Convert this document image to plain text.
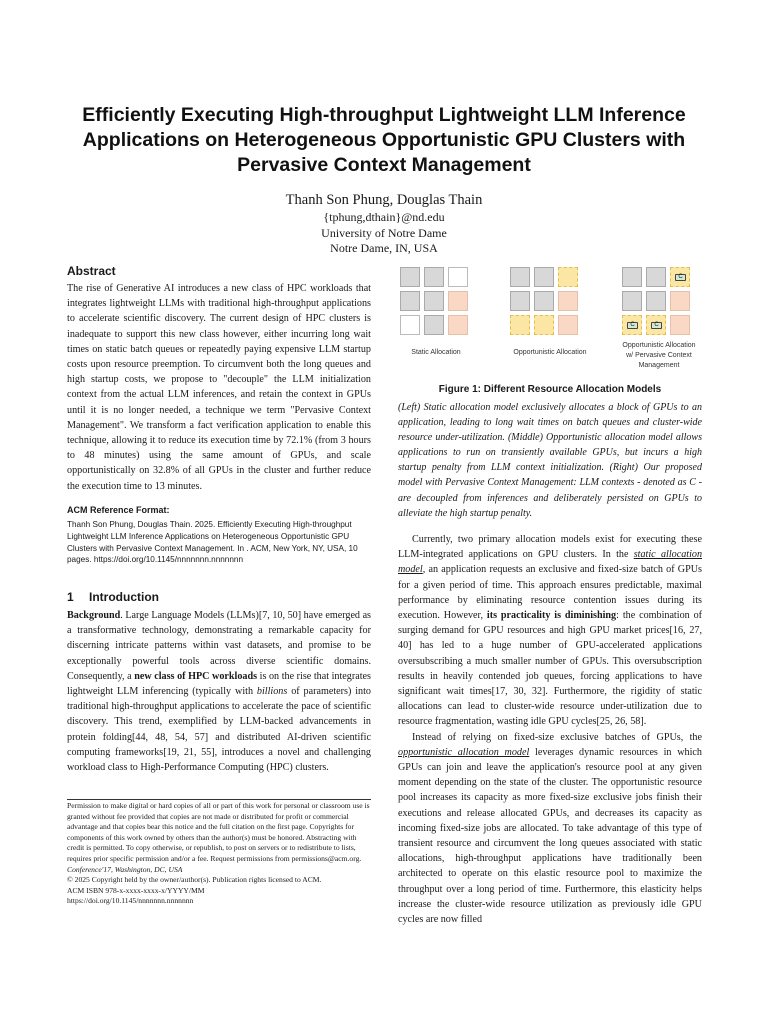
Efficiently Executing High-throughput Lightweight LLM Inference Applications on Heterogeneous Opportunistic GPU Clusters with Pervasive Context Management
Thanh Son Phung, Douglas Thain
{tphung,dthain}@nd.edu
University of Notre Dame
Notre Dame, IN, USA
Abstract

The rise of Generative AI introduces a new class of HPC workloads that integrates lightweight LLMs with traditional high-throughput applications to accelerate scientific discovery. The current design of HPC clusters is inadequate to support this new class however, either incurring long wait times on static batch queues or repeatedly paying expensive LLM startup costs upon resource preemption. To circumvent both the long queues and high startup costs, we propose to "decouple" the LLM initialization context from the actual LLM inferences, and retain the context in GPUs until it is no longer needed, a technique we term "Pervasive Context Management". We transform a fact verification application to enable this technique, allowing it to reduce its execution time by 72.1% (from 3 hours to 48 minutes) using the same amount of GPUs, and scale opportunistically on 32.8% of all GPUs in the cluster and further reduce the execution time to 13 minutes.

ACM Reference Format:

Thanh Son Phung, Douglas Thain. 2025. Efficiently Executing High-throughput Lightweight LLM Inference Applications on Heterogeneous Opportunistic GPU Clusters with Pervasive Context Management. In . ACM, New York, NY, USA, 10 pages. https://doi.org/10.1145/nnnnnnn.nnnnnnn

1 Introduction

Background. Large Language Models (LLMs)[7, 10, 50] have emerged as a transformative technology, demonstrating a remarkable capacity for discerning intricate patterns within vast datasets, and promise to be exceptionally powerful tools across diverse scientific domains. Consequently, a new class of HPC workloads is on the rise that integrates lightweight LLM inferencing (typically with billions of parameters) into traditional high-throughput applications to accelerate the pace of scientific discovery. This trend, exemplified by LLM-backed advancements in protein folding[44, 48, 54, 57] and distributed AI-driven scientific computing frameworks[19, 21, 55], introduces a novel and challenging workload class to High-Performance Computing (HPC) clusters.

Permission to make digital or hard copies of all or part of this work for personal or classroom use is granted without fee provided that copies are not made or distributed for profit or commercial advantage and that copies bear this notice and the full citation on the first page. Copyrights for components of this work owned by others than the author(s) must be honored. Abstracting with credit is permitted. To copy otherwise, or republish, to post on servers or to redistribute to lists, requires prior specific permission and/or a fee. Request permissions from permissions@acm.org.
Conference'17, Washington, DC, USA
© 2025 Copyright held by the owner/author(s). Publication rights licensed to ACM.
ACM ISBN 978-x-xxxx-xxxx-x/YYYY/MM
https://doi.org/10.1145/nnnnnnn.nnnnnnn
Static Allocation	Opportunistic Allocation
C
C	C
Opportunistic Allocation
w/ Pervasive Context
Management
Figure 1: Different Resource Allocation Models

(Left) Static allocation model exclusively allocates a block of GPUs to an application, leading to long wait times on batch queues and cluster-wide resource under-utilization. (Middle) Opportunistic allocation model allows applications to run on transiently available GPUs, but incurs a high startup penalty from LLM context initialization. (Right) Our proposed model with Pervasive Context Management: LLM contexts - denoted as C - are decoupled from inferences and deliberately persisted on GPUs to alleviate the high startup penalty.

Currently, two primary allocation models exist for executing these LLM-integrated applications on GPU clusters. In the static allocation model, an application requests an exclusive and fixed-size batch of GPUs for a given period of time. This approach ensures predictable, maximal performance by eliminating resource contention issues during its execution. However, its practicality is diminishing: the combination of surging demand for GPU resources and high GPU market prices[16, 27, 40] has led to a huge number of GPU-accelerated applications oversubscribing a much smaller number of GPUs. This oversubscription results in heavily contended job queues, forcing applications to have significant wait times[17, 30, 32]. Furthermore, the rigidity of static allocations can lead to cluster-wide resource under-utilization due to resource fragmentation, wasting idle GPU cycles[25, 26, 58].

Instead of relying on fixed-size exclusive batches of GPUs, the opportunistic allocation model leverages dynamic resources in which GPUs can join and leave the application's resource pool at any given moment depending on the state of the cluster. The opportunistic resource pool increases its capacity as more fixed-size exclusive jobs finish their executions and release allocated GPUs, and decreases its capacity as incoming fixed-size jobs are allocated. To take advantage of this type of transient resource and circumvent the long queues associated with static allocations, high-throughput applications have traditionally been architected to operate on this elastic resource pool to maximize the throughput over a long period of time. Furthermore, this elasticity helps increase the cluster-wide resource utilization as previously idle GPU cycles are now filled
